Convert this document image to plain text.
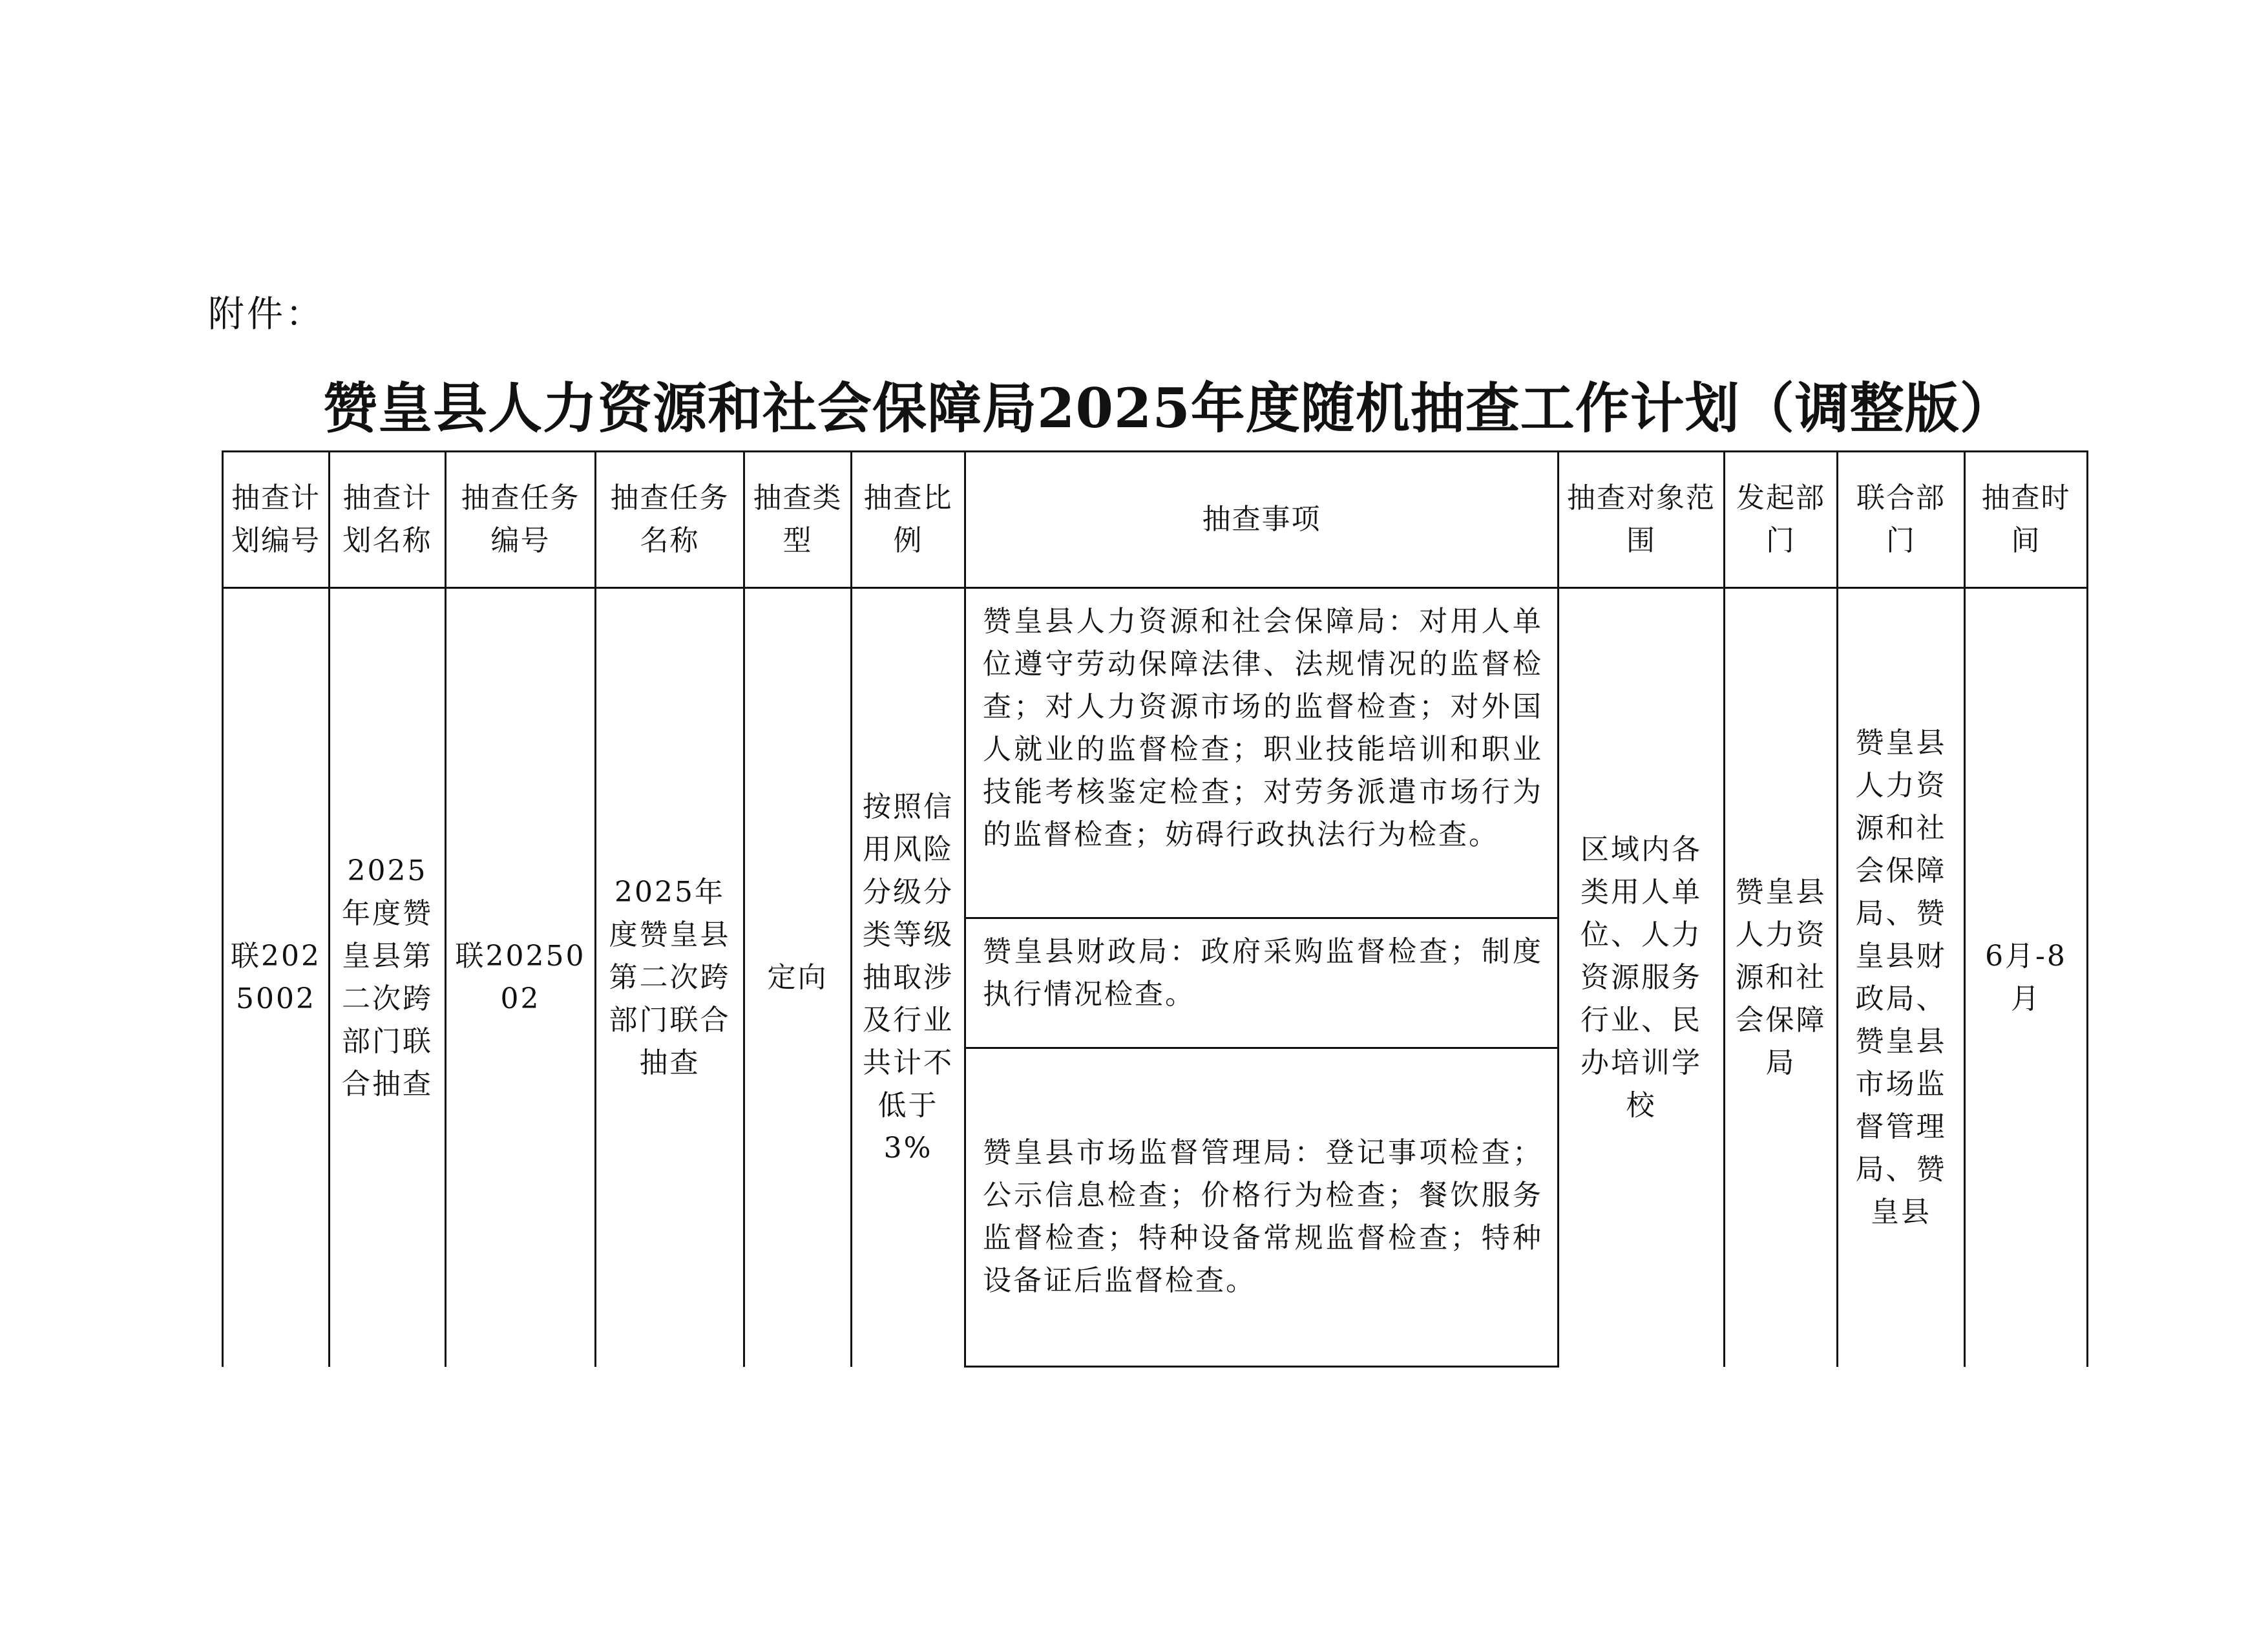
附件：
赞皇县人力资源和社会保障局2025年度随机抽查工作计划（调整版）
抽查计划编号	抽查计划名称	抽查任务编号	抽查任务名称	抽查类型	抽查比例	抽查事项	抽查对象范围	发起部门	联合部门	抽查时间
联2025002	2025年度赞皇县第二次跨部门联合抽查	联2025002	2025年度赞皇县第二次跨部门联合抽查	定向	按照信用风险分级分类等级抽取涉及行业共计不低于3%	赞皇县人力资源和社会保障局：对用人单位遵守劳动保障法律、法规情况的监督检查；对人力资源市场的监督检查；对外国人就业的监督检查；职业技能培训和职业技能考核鉴定检查；对劳务派遣市场行为的监督检查；妨碍行政执法行为检查。	区域内各类用人单位、人力资源服务行业、民办培训学校	赞皇县人力资源和社会保障局	赞皇县人力资源和社会保障局、赞皇县财政局、赞皇县市场监督管理局、赞皇县	6月-8月
						赞皇县财政局：政府采购监督检查；制度执行情况检查。				
						赞皇县市场监督管理局：登记事项检查；公示信息检查；价格行为检查；餐饮服务监督检查；特种设备常规监督检查；特种设备证后监督检查。				
